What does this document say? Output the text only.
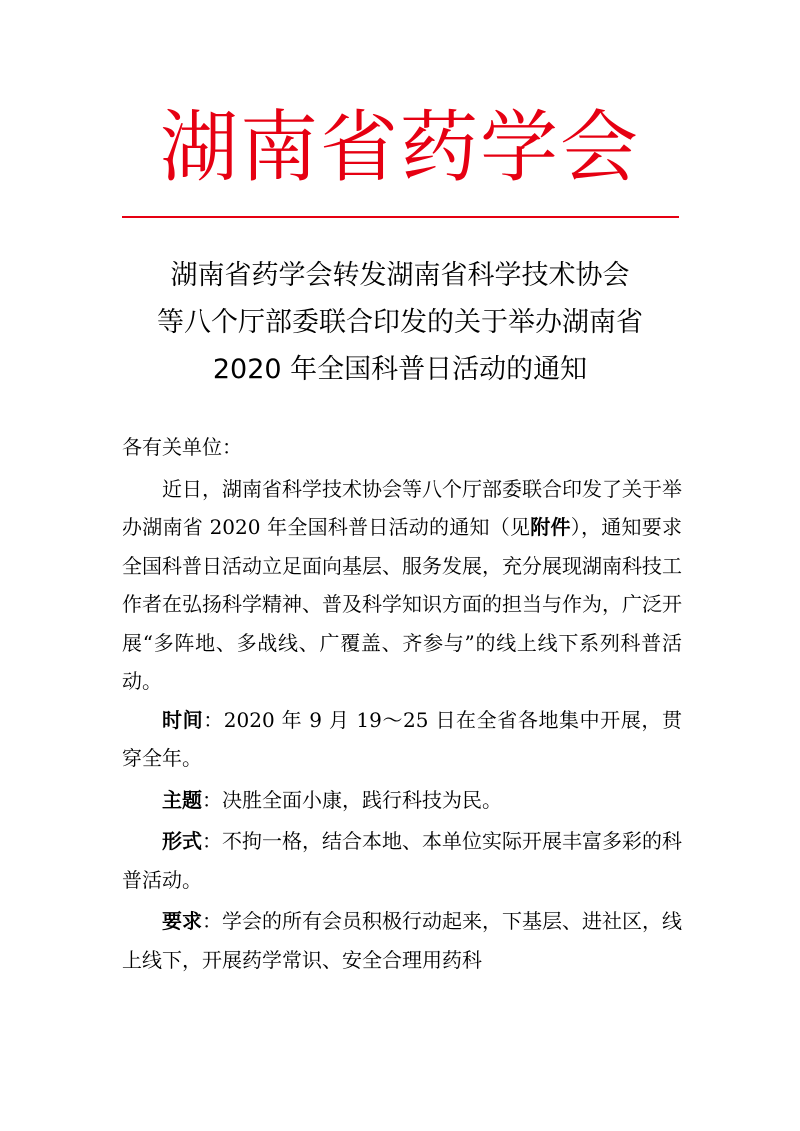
湖南省药学会
湖南省药学会转发湖南省科学技术协会
等八个厅部委联合印发的关于举办湖南省
2020 年全国科普日活动的通知

各有关单位：

近日，湖南省科学技术协会等八个厅部委联合印发了关于举办湖南省 2020 年全国科普日活动的通知（见附件），通知要求全国科普日活动立足面向基层、服务发展，充分展现湖南科技工作者在弘扬科学精神、普及科学知识方面的担当与作为，广泛开展“多阵地、多战线、广覆盖、齐参与”的线上线下系列科普活动。

时间：2020 年 9 月 19～25 日在全省各地集中开展，贯穿全年。

主题：决胜全面小康，践行科技为民。

形式：不拘一格，结合本地、本单位实际开展丰富多彩的科普活动。

要求：学会的所有会员积极行动起来，下基层、进社区，线上线下，开展药学常识、安全合理用药科
